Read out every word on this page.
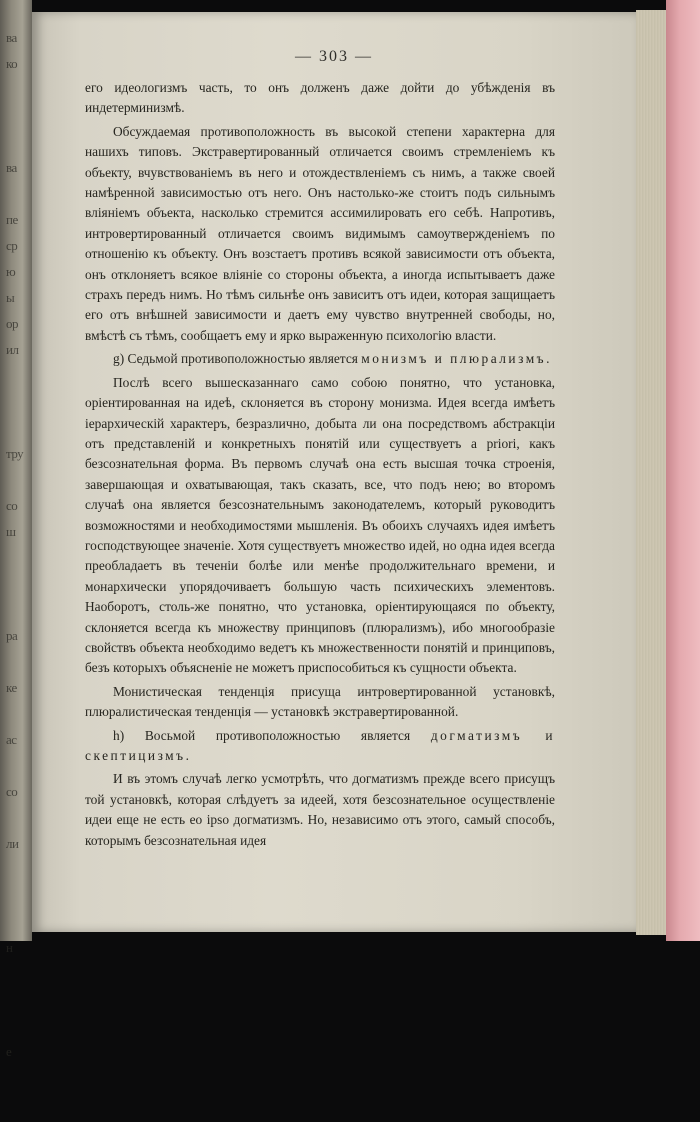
ва
ко
ва
пе
ср
ю
ы
ор
ил
тру
со
ш
ра
ке
ас
со
ли
н
е
— 303 —

его идеологизмъ часть, то онъ долженъ даже дойти до убѣжденія въ индетерминизмѣ.

Обсуждаемая противоположность въ высокой степени характерна для нашихъ типовъ. Экстравертированный отличается своимъ стремленіемъ къ объекту, вчувствованіемъ въ него и отождествленіемъ съ нимъ, а также своей намѣренной зависимостью отъ него. Онъ настолько-же стоитъ подъ сильнымъ вліяніемъ объекта, насколько стремится ассимилировать его себѣ. Напротивъ, интровертированный отличается своимъ видимымъ самоутвержденіемъ по отношенію къ объекту. Онъ возстаетъ противъ всякой зависимости отъ объекта, онъ отклоняетъ всякое вліяніе со стороны объекта, а иногда испытываетъ даже страхъ передъ нимъ. Но тѣмъ сильнѣе онъ зависитъ отъ идеи, которая защищаетъ его отъ внѣшней зависимости и даетъ ему чувство внутренней свободы, но, вмѣстѣ съ тѣмъ, сообщаетъ ему и ярко выраженную психологію власти.

g) Седьмой противоположностью является монизмъ и плюрализмъ.

Послѣ всего вышесказаннаго само собою понятно, что установка, оріентированная на идеѣ, склоняется въ сторону монизма. Идея всегда имѣетъ іерархическій характеръ, безразлично, добыта ли она посредствомъ абстракціи отъ представленій и конкретныхъ понятій или существуетъ a priori, какъ безсознательная форма. Въ первомъ случаѣ она есть высшая точка строенія, завершающая и охватывающая, такъ сказать, все, что подъ нею; во второмъ случаѣ она является безсознательнымъ законодателемъ, который руководитъ возможностями и необходимостями мышленія. Въ обоихъ случаяхъ идея имѣетъ господствующее значеніе. Хотя существуетъ множество идей, но одна идея всегда преобладаетъ въ теченіи болѣе или менѣе продолжительнаго времени, и монархически упорядочиваетъ большую часть психическихъ элементовъ. Наоборотъ, столь-же понятно, что установка, оріентирующаяся по объекту, склоняется всегда къ множеству принциповъ (плюрализмъ), ибо многообразіе свойствъ объекта необходимо ведетъ къ множественности понятій и принциповъ, безъ которыхъ объясненіе не можетъ приспособиться къ сущности объекта.

Монистическая тенденція присуща интровертированной установкѣ, плюралистическая тенденція — установкѣ экстравертированной.

h) Восьмой противоположностью является догматизмъ и скептицизмъ.

И въ этомъ случаѣ легко усмотрѣть, что догматизмъ прежде всего присущъ той установкѣ, которая слѣдуетъ за идеей, хотя безсознательное осуществленіе идеи еще не есть eo ipso догматизмъ. Но, независимо отъ этого, самый способъ, которымъ безсознательная идея
